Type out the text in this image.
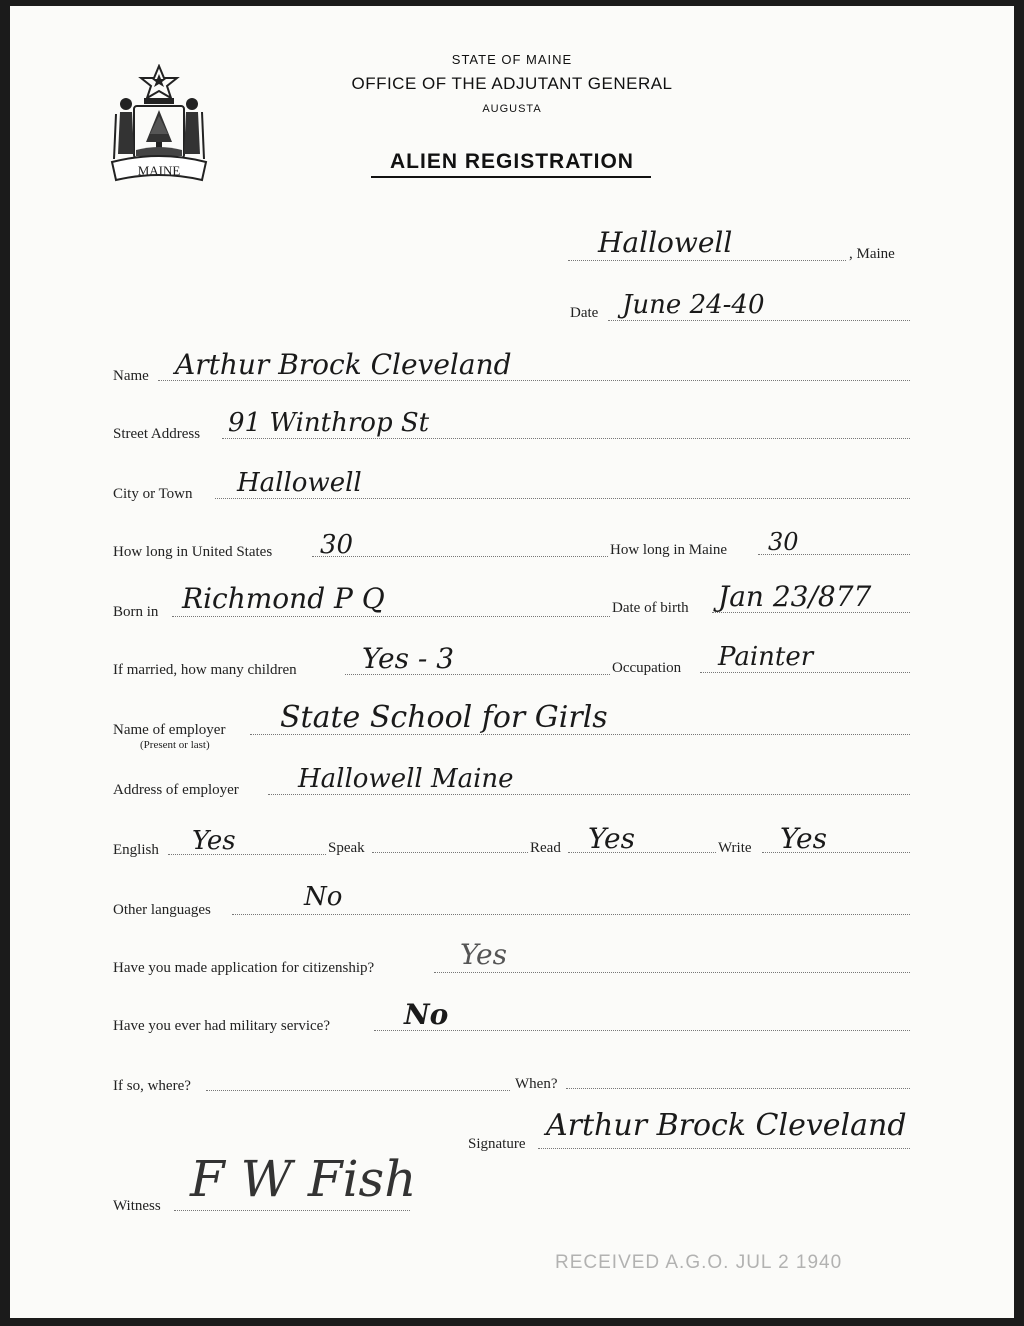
MAINE
STATE OF MAINE
OFFICE OF THE ADJUTANT GENERAL
AUGUSTA
ALIEN REGISTRATION
Hallowell	, Maine
Date June 24-40
Name Arthur Brock Cleveland
Street Address 91 Winthrop St
City or Town Hallowell
How long in United States 30	How long in Maine 30
Born in Richmond P Q	Date of birth Jan 23/877
If married, how many children Yes - 3	Occupation Painter
Name of employer
(Present or last)
State School for Girls
Address of employer Hallowell Maine
English Yes	Speak	Read Yes	Write Yes
Other languages	No
Have you made application for citizenship?	Yes
Have you ever had military service?	No
If so, where?	When?
Signature
Arthur Brock Cleveland
Witness F W Fish
RECEIVED A.G.O. JUL 2 1940
